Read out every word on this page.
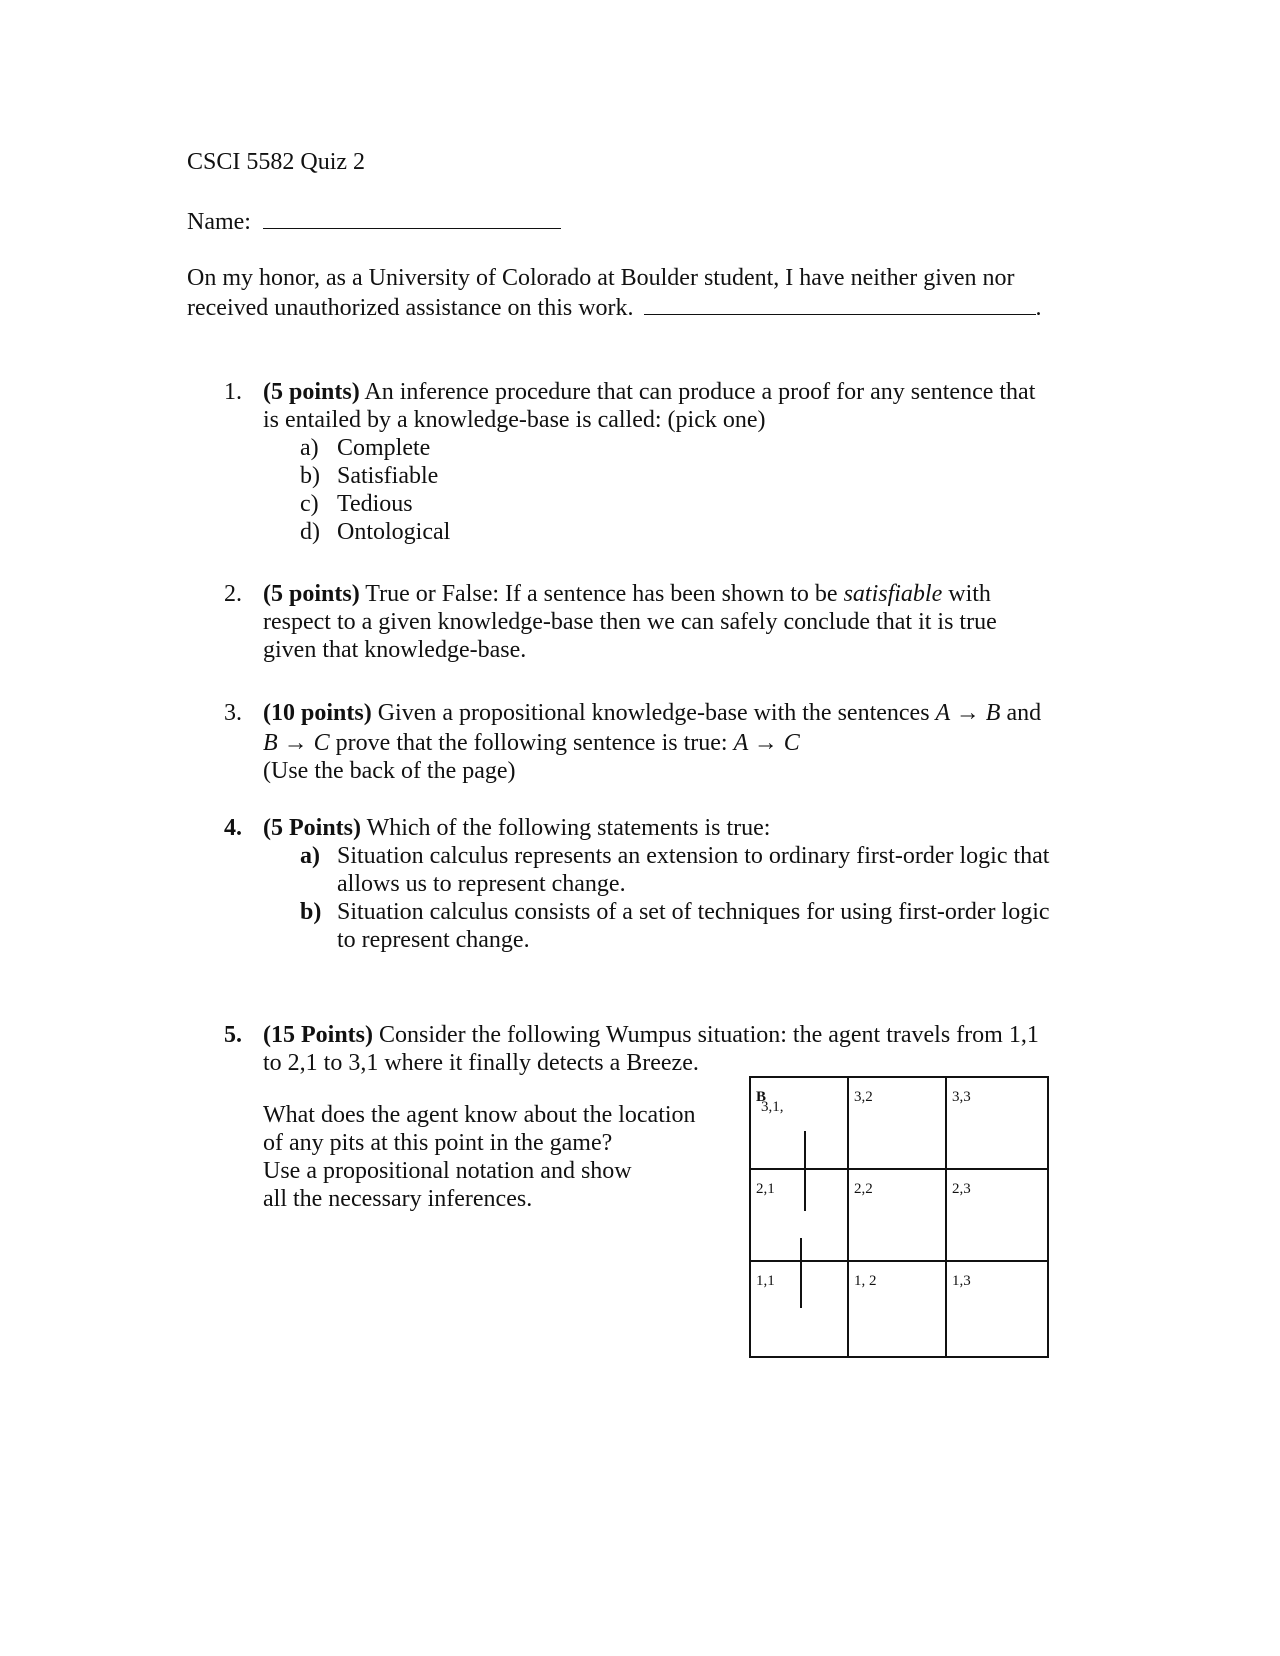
CSCI 5582 Quiz 2
Name:
On my honor, as a University of Colorado at Boulder student, I have neither given nor
received unauthorized assistance on this work.	.
1. (5 points) An inference procedure that can produce a proof for any sentence that
is entailed by a knowledge-base is called: (pick one)
a) Complete
b) Satisfiable
c) Tedious
d) Ontological
2. (5 points) True or False: If a sentence has been shown to be satisfiable with
respect to a given knowledge-base then we can safely conclude that it is true
given that knowledge-base.
3. (10 points) Given a propositional knowledge-base with the sentences A → B and
B → C prove that the following sentence is true: A → C
(Use the back of the page)
4. (5 Points) Which of the following statements is true:
a) Situation calculus represents an extension to ordinary first-order logic that
allows us to represent change.
b) Situation calculus consists of a set of techniques for using first-order logic
to represent change.
5. (15 Points) Consider the following Wumpus situation: the agent travels from 1,1
to 2,1 to 3,1 where it finally detects a Breeze.
What does the agent know about the location
of any pits at this point in the game?
Use a propositional notation and show
all the necessary inferences.
3,1,
B	3,2	3,3
2,1	2,2	2,3
1,1	1, 2	1,3
